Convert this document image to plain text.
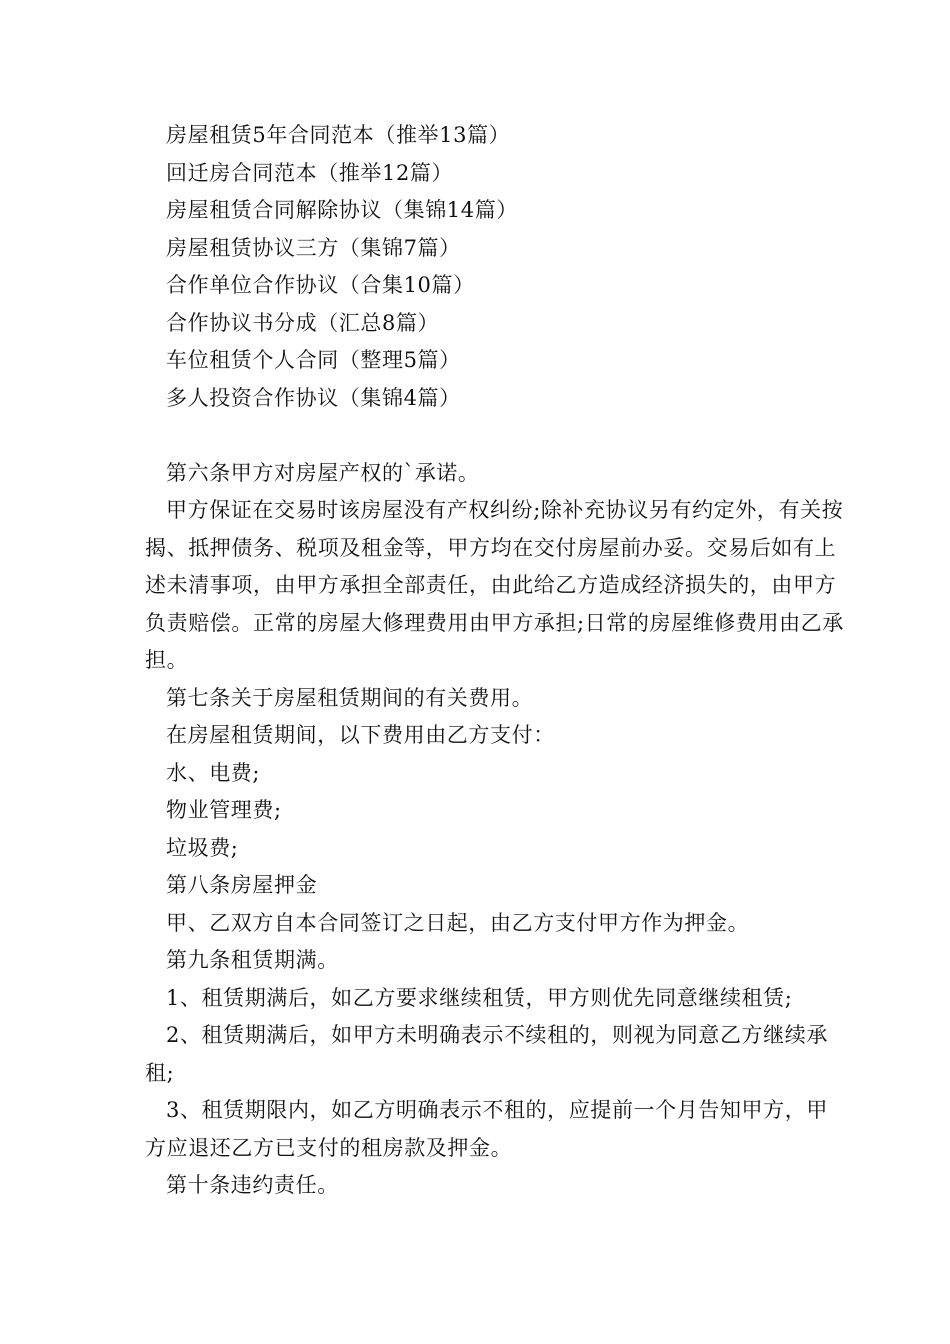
房屋租赁5年合同范本（推举13篇）
回迁房合同范本（推举12篇）
房屋租赁合同解除协议（集锦14篇）
房屋租赁协议三方（集锦7篇）
合作单位合作协议（合集10篇）
合作协议书分成（汇总8篇）
车位租赁个人合同（整理5篇）
多人投资合作协议（集锦4篇）

第六条甲方对房屋产权的`承诺。

甲方保证在交易时该房屋没有产权纠纷;除补充协议另有约定外，有关按揭、抵押债务、税项及租金等，甲方均在交付房屋前办妥。交易后如有上述未清事项，由甲方承担全部责任，由此给乙方造成经济损失的，由甲方负责赔偿。正常的房屋大修理费用由甲方承担;日常的房屋维修费用由乙承担。

第七条关于房屋租赁期间的有关费用。

在房屋租赁期间，以下费用由乙方支付：

水、电费;

物业管理费;

垃圾费;

第八条房屋押金

甲、乙双方自本合同签订之日起，由乙方支付甲方作为押金。

第九条租赁期满。

1、租赁期满后，如乙方要求继续租赁，甲方则优先同意继续租赁;

2、租赁期满后，如甲方未明确表示不续租的，则视为同意乙方继续承租;

3、租赁期限内，如乙方明确表示不租的，应提前一个月告知甲方，甲方应退还乙方已支付的租房款及押金。

第十条违约责任。
